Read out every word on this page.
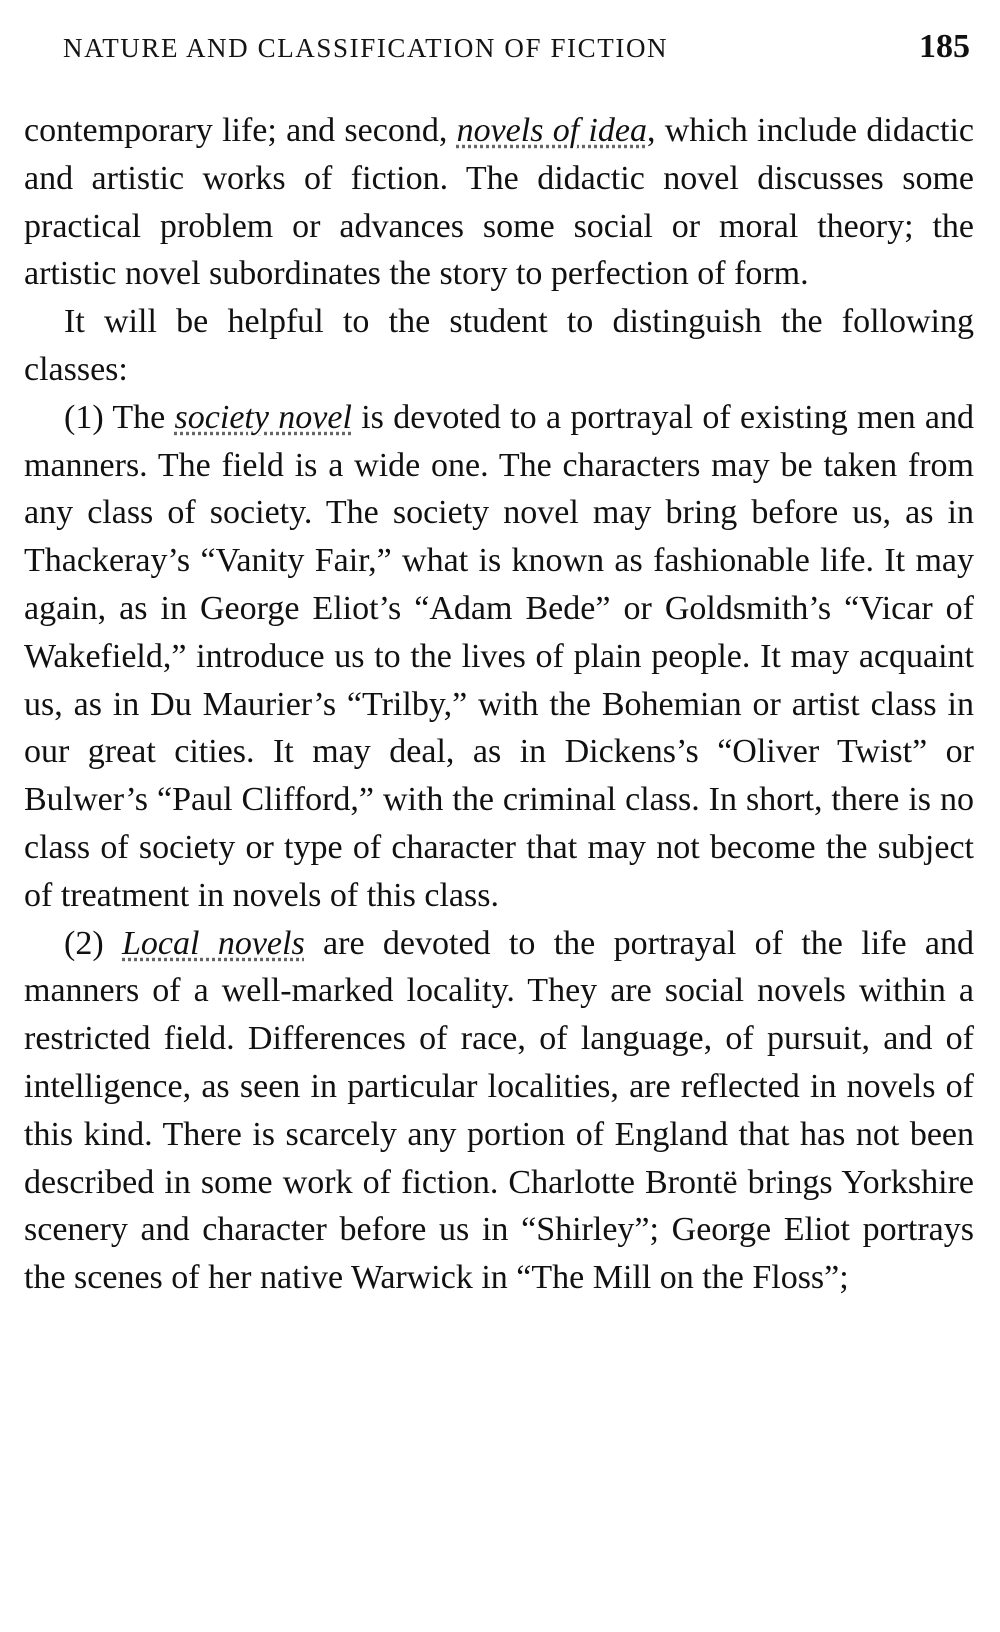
NATURE AND CLASSIFICATION OF FICTION	185

contemporary life; and second, novels of idea, which include didactic and artistic works of fiction. The didactic novel discusses some practical problem or advances some social or moral theory; the artistic novel subordinates the story to perfection of form.

It will be helpful to the student to distinguish the following classes:

(1) The society novel is devoted to a portrayal of existing men and manners. The field is a wide one. The characters may be taken from any class of society. The society novel may bring before us, as in Thackeray’s “Vanity Fair,” what is known as fashionable life. It may again, as in George Eliot’s “Adam Bede” or Goldsmith’s “Vicar of Wakefield,” introduce us to the lives of plain people. It may acquaint us, as in Du Maurier’s “Trilby,” with the Bohemian or artist class in our great cities. It may deal, as in Dickens’s “Oliver Twist” or Bulwer’s “Paul Clifford,” with the criminal class. In short, there is no class of society or type of character that may not become the subject of treatment in novels of this class.

(2) Local novels are devoted to the portrayal of the life and manners of a well-marked locality. They are social novels within a restricted field. Differences of race, of language, of pursuit, and of intelligence, as seen in particular localities, are reflected in novels of this kind. There is scarcely any portion of England that has not been described in some work of fiction. Charlotte Brontë brings Yorkshire scenery and character before us in “Shirley”; George Eliot portrays the scenes of her native Warwick in “The Mill on the Floss”;
